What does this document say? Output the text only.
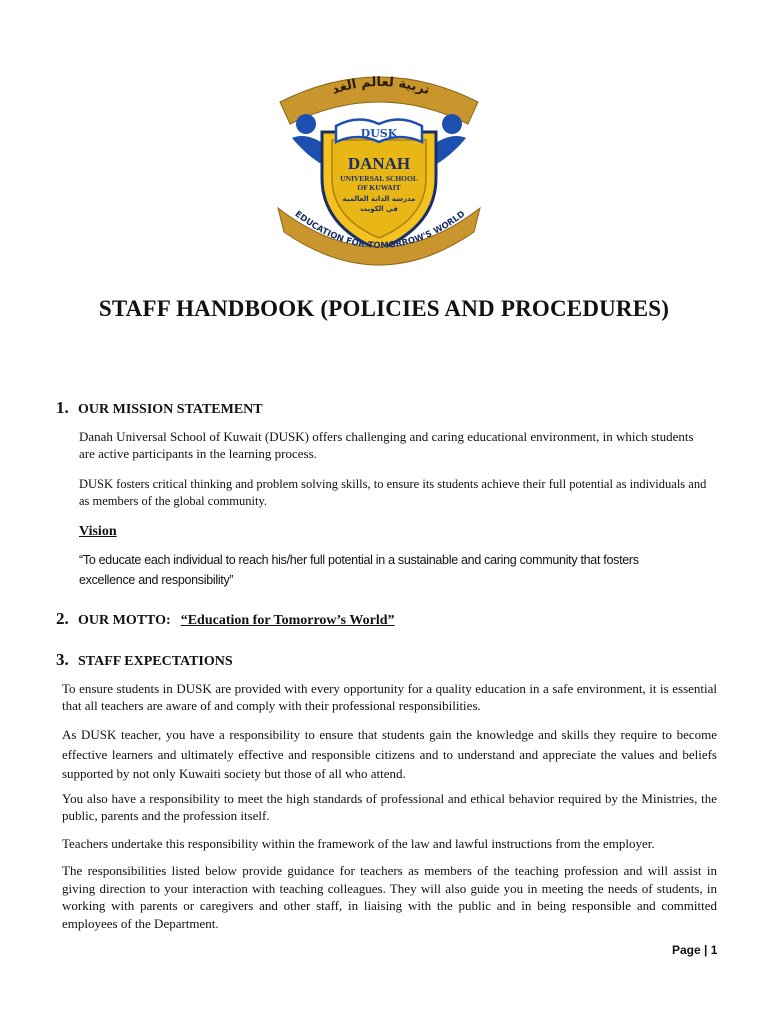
تربية لعالم الغد
DUSK
DANAH
UNIVERSAL SCHOOL
OF KUWAIT
مدرسة الدانة العالمية
في الكويت
EDUCATION FOR TOMORROW'S WORLD
STAFF HANDBOOK (POLICIES AND PROCEDURES)
1. OUR MISSION STATEMENT

Danah Universal School of Kuwait (DUSK) offers challenging and caring educational environment, in which students are active participants in the learning process.

DUSK fosters critical thinking and problem solving skills, to ensure its students achieve their full potential as individuals and as members of the global community.

Vision

“To educate each individual to reach his/her full potential in a sustainable and caring community that fosters excellence and responsibility”

2. OUR MOTTO: “Education for Tomorrow’s World”
3. STAFF EXPECTATIONS

To ensure students in DUSK are provided with every opportunity for a quality education in a safe environment, it is essential that all teachers are aware of and comply with their professional responsibilities.

As DUSK teacher, you have a responsibility to ensure that students gain the knowledge and skills they require to become effective learners and ultimately effective and responsible citizens and to understand and appreciate the values and beliefs supported by not only Kuwaiti society but those of all who attend.

You also have a responsibility to meet the high standards of professional and ethical behavior required by the Ministries, the public, parents and the profession itself.

Teachers undertake this responsibility within the framework of the law and lawful instructions from the employer.

The responsibilities listed below provide guidance for teachers as members of the teaching profession and will assist in giving direction to your interaction with teaching colleagues. They will also guide you in meeting the needs of students, in working with parents or caregivers and other staff, in liaising with the public and in being responsible and committed employees of the Department.

Page | 1
